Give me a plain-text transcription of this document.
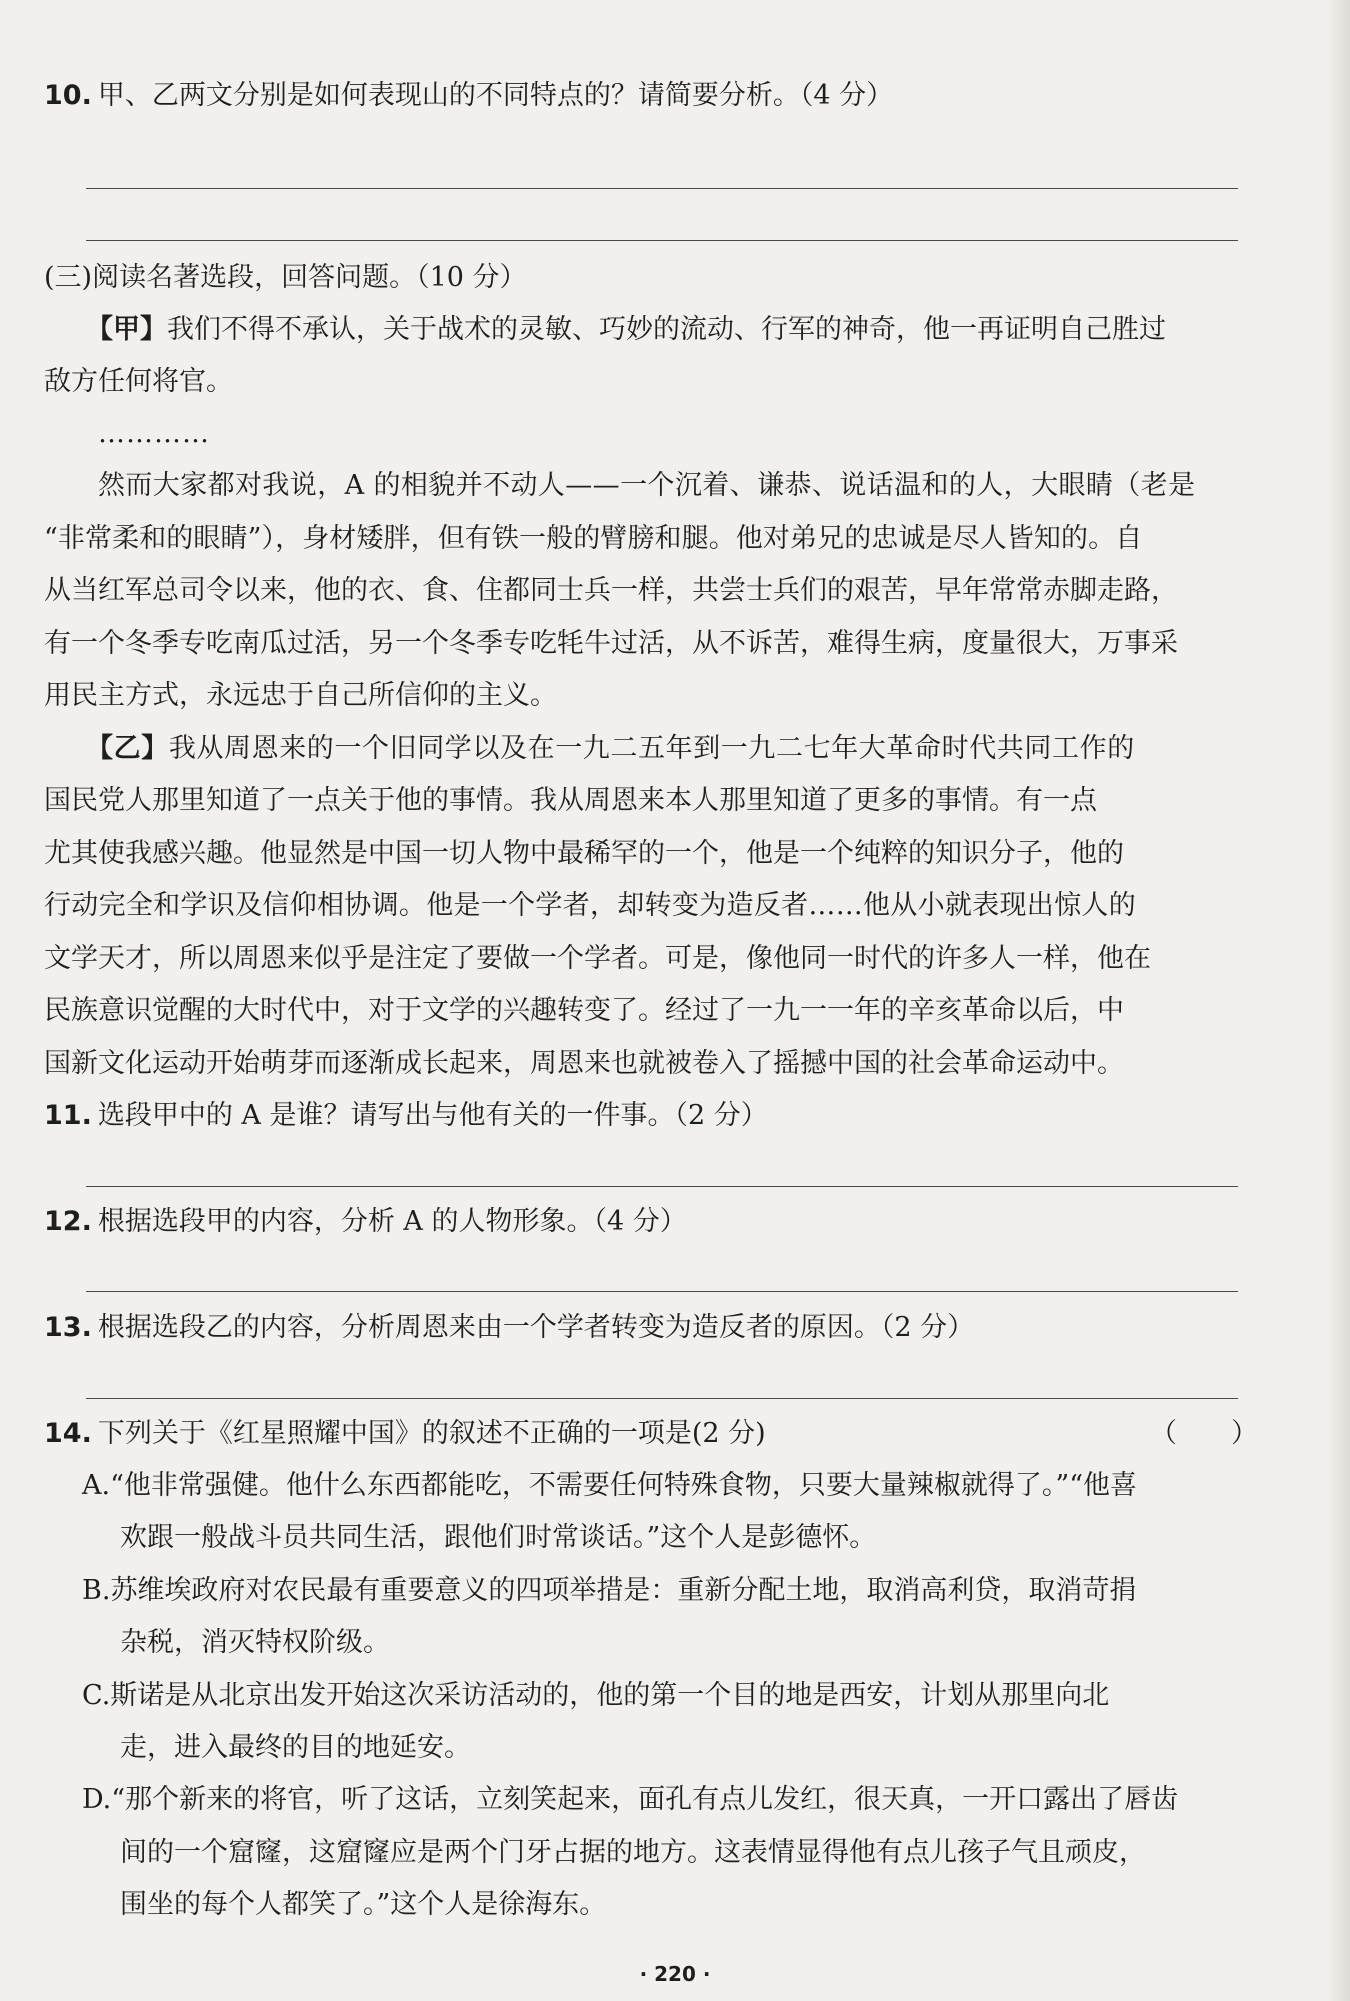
10. 甲、乙两文分别是如何表现山的不同特点的？请简要分析。（4 分）
(三)阅读名著选段，回答问题。（10 分）
【甲】我们不得不承认，关于战术的灵敏、巧妙的流动、行军的神奇，他一再证明自己胜过
敌方任何将官。
…………
然而大家都对我说，A 的相貌并不动人——一个沉着、谦恭、说话温和的人，大眼睛（老是
“非常柔和的眼睛”），身材矮胖，但有铁一般的臂膀和腿。他对弟兄的忠诚是尽人皆知的。自
从当红军总司令以来，他的衣、食、住都同士兵一样，共尝士兵们的艰苦，早年常常赤脚走路，
有一个冬季专吃南瓜过活，另一个冬季专吃牦牛过活，从不诉苦，难得生病，度量很大，万事采
用民主方式，永远忠于自己所信仰的主义。
【乙】我从周恩来的一个旧同学以及在一九二五年到一九二七年大革命时代共同工作的
国民党人那里知道了一点关于他的事情。我从周恩来本人那里知道了更多的事情。有一点
尤其使我感兴趣。他显然是中国一切人物中最稀罕的一个，他是一个纯粹的知识分子，他的
行动完全和学识及信仰相协调。他是一个学者，却转变为造反者……他从小就表现出惊人的
文学天才，所以周恩来似乎是注定了要做一个学者。可是，像他同一时代的许多人一样，他在
民族意识觉醒的大时代中，对于文学的兴趣转变了。经过了一九一一年的辛亥革命以后，中
国新文化运动开始萌芽而逐渐成长起来，周恩来也就被卷入了摇撼中国的社会革命运动中。
11. 选段甲中的 A 是谁？请写出与他有关的一件事。（2 分）
12. 根据选段甲的内容，分析 A 的人物形象。（4 分）
13. 根据选段乙的内容，分析周恩来由一个学者转变为造反者的原因。（2 分）
14. 下列关于《红星照耀中国》的叙述不正确的一项是(2 分)	（　　）
A.“他非常强健。他什么东西都能吃，不需要任何特殊食物，只要大量辣椒就得了。”“他喜
欢跟一般战斗员共同生活，跟他们时常谈话。”这个人是彭德怀。
B.苏维埃政府对农民最有重要意义的四项举措是：重新分配土地，取消高利贷，取消苛捐
杂税，消灭特权阶级。
C.斯诺是从北京出发开始这次采访活动的，他的第一个目的地是西安，计划从那里向北
走，进入最终的目的地延安。
D.“那个新来的将官，听了这话，立刻笑起来，面孔有点儿发红，很天真，一开口露出了唇齿
间的一个窟窿，这窟窿应是两个门牙占据的地方。这表情显得他有点儿孩子气且顽皮，
围坐的每个人都笑了。”这个人是徐海东。
· 220 ·
